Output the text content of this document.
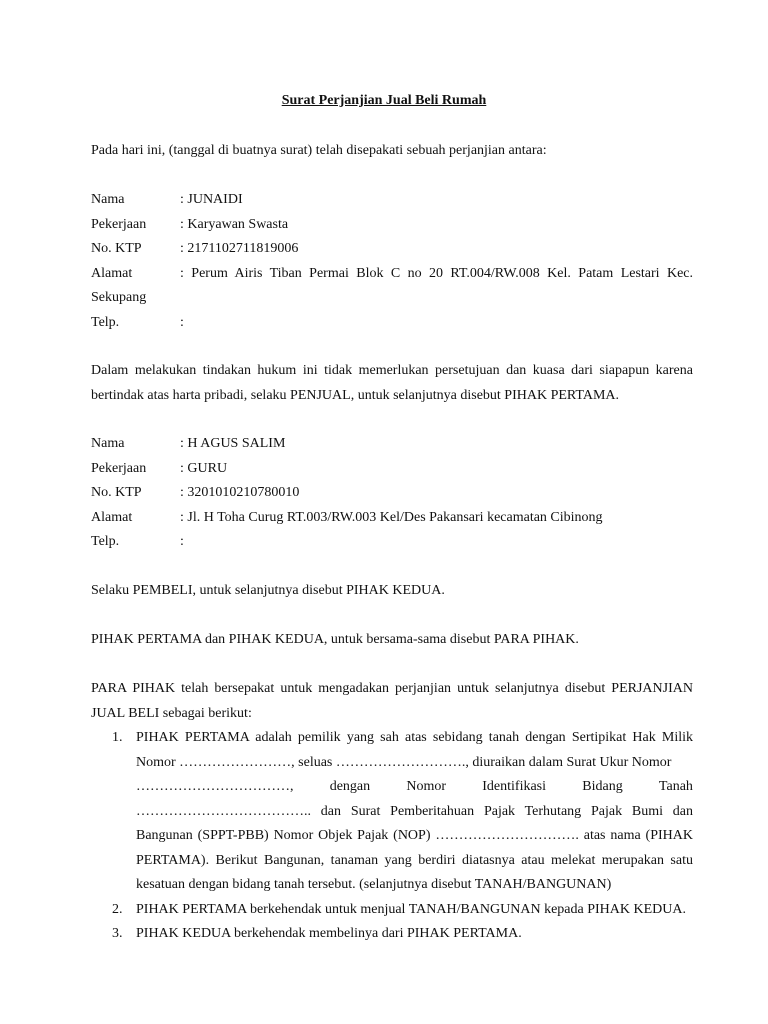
Surat Perjanjian Jual Beli Rumah
Pada hari ini, (tanggal di buatnya surat) telah disepakati sebuah perjanjian antara:
Nama	: JUNAIDI
Pekerjaan : Karyawan Swasta
No. KTP	: 2171102711819006
Alamat	: Perum Airis Tiban Permai Blok C no 20 RT.004/RW.008 Kel. Patam Lestari Kec.
Sekupang
Telp.	:
Dalam melakukan tindakan hukum ini tidak memerlukan persetujuan dan kuasa dari siapapun karena bertindak atas harta pribadi, selaku PENJUAL, untuk selanjutnya disebut PIHAK PERTAMA.
Nama	: H AGUS SALIM
Pekerjaan : GURU
No. KTP	: 3201010210780010
Alamat	: Jl. H Toha Curug RT.003/RW.003 Kel/Des Pakansari kecamatan Cibinong
Telp.	:
Selaku PEMBELI, untuk selanjutnya disebut PIHAK KEDUA.
PIHAK PERTAMA dan PIHAK KEDUA, untuk bersama-sama disebut PARA PIHAK.
PARA PIHAK telah bersepakat untuk mengadakan perjanjian untuk selanjutnya disebut PERJANJIAN JUAL BELI sebagai berikut:
1. PIHAK PERTAMA adalah pemilik yang sah atas sebidang tanah dengan Sertipikat Hak Milik Nomor ……………………, seluas ………………………., diuraikan dalam Surat Ukur Nomor
……………………………,	dengan	Nomor	Identifikasi	Bidang	Tanah
……………………………….. dan Surat Pemberitahuan Pajak Terhutang Pajak Bumi dan Bangunan (SPPT-PBB) Nomor Objek Pajak (NOP) …………………………. atas nama (PIHAK PERTAMA). Berikut Bangunan, tanaman yang berdiri diatasnya atau melekat merupakan satu kesatuan dengan bidang tanah tersebut. (selanjutnya disebut TANAH/BANGUNAN)
2. PIHAK PERTAMA berkehendak untuk menjual TANAH/BANGUNAN kepada PIHAK KEDUA.
3. PIHAK KEDUA berkehendak membelinya dari PIHAK PERTAMA.
